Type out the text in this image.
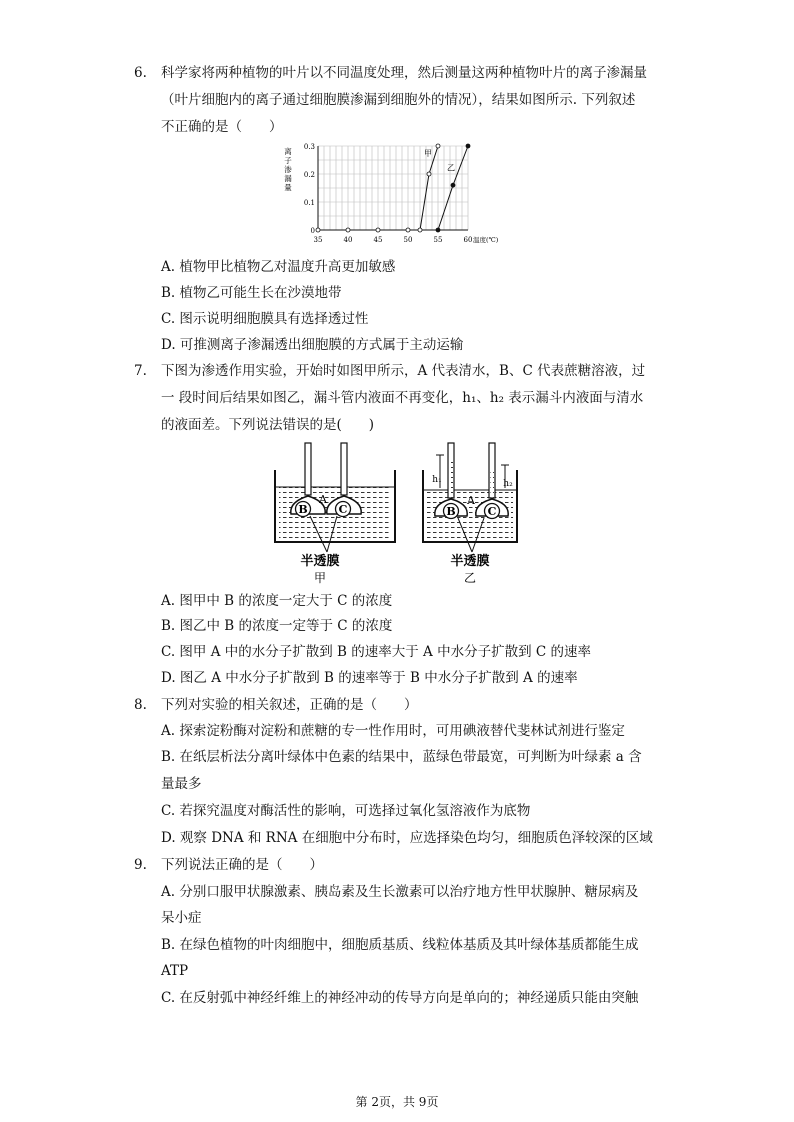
6. 科学家将两种植物的叶片以不同温度处理，然后测量这两种植物叶片的离子渗漏量
（叶片细胞内的离子通过细胞膜渗漏到细胞外的情况），结果如图所示. 下列叙述
不正确的是（　　）
35	40	45	50	55	60
0
0.1
0.2
0.3
温度(℃)
离
子
渗
漏
量
甲
乙
A. 植物甲比植物乙对温度升高更加敏感
B. 植物乙可能生长在沙漠地带
C. 图示说明细胞膜具有选择透过性
D. 可推测离子渗漏透出细胞膜的方式属于主动运输
7. 下图为渗透作用实验，开始时如图甲所示，A 代表清水，B、C 代表蔗糖溶液，过
一 段时间后结果如图乙，漏斗管内液面不再变化，h₁、h₂ 表示漏斗内液面与清水
的液面差。下列说法错误的是(　　)
B
A
C
半透膜
甲
B
A
C
h₁	h₂
半透膜
乙
A. 图甲中 B 的浓度一定大于 C 的浓度
B. 图乙中 B 的浓度一定等于 C 的浓度
C. 图甲 A 中的水分子扩散到 B 的速率大于 A 中水分子扩散到 C 的速率
D. 图乙 A 中水分子扩散到 B 的速率等于 B 中水分子扩散到 A 的速率
8. 下列对实验的相关叙述，正确的是（　　）
A. 探索淀粉酶对淀粉和蔗糖的专一性作用时，可用碘液替代斐林试剂进行鉴定
B. 在纸层析法分离叶绿体中色素的结果中，蓝绿色带最宽，可判断为叶绿素 a 含
量最多
C. 若探究温度对酶活性的影响，可选择过氧化氢溶液作为底物
D. 观察 DNA 和 RNA 在细胞中分布时，应选择染色均匀，细胞质色泽较深的区域
9. 下列说法正确的是（　　）
A. 分别口服甲状腺激素、胰岛素及生长激素可以治疗地方性甲状腺肿、糖尿病及
呆小症
B. 在绿色植物的叶肉细胞中，细胞质基质、线粒体基质及其叶绿体基质都能生成
ATP
C. 在反射弧中神经纤维上的神经冲动的传导方向是单向的；神经递质只能由突触
第 2页，共 9页
